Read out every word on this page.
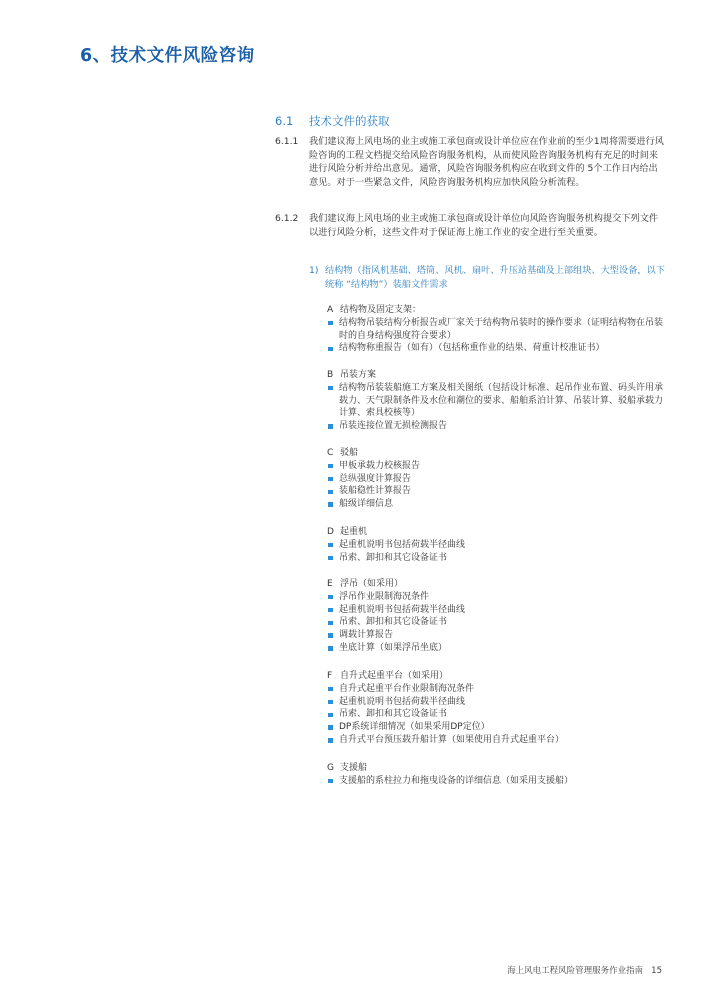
6、技术文件风险咨询
6.1 技术文件的获取
6.1.1	我们建议海上风电场的业主或施工承包商或设计单位应在作业前的至少1周将需要进行风险咨询的工程文档提交给风险咨询服务机构，从而使风险咨询服务机构有充足的时间来进行风险分析并给出意见。通常，风险咨询服务机构应在收到文件的 5个工作日内给出意见。对于一些紧急文件，风险咨询服务机构应加快风险分析流程。
6.1.2	我们建议海上风电场的业主或施工承包商或设计单位向风险咨询服务机构提交下列文件以进行风险分析，这些文件对于保证海上施工作业的安全进行至关重要。
1) 结构物（指风机基础、塔筒、风机、扇叶、升压站基础及上部组块、大型设备，以下统称 “结构物”）装船文件需求
A 结构物及固定支架：
结构物吊装结构分析报告或厂家关于结构物吊装时的操作要求（证明结构物在吊装时的自身结构强度符合要求）
结构物称重报告（如有）（包括称重作业的结果、荷重计校准证书）
B 吊装方案
结构物吊装装船施工方案及相关图纸（包括设计标准、起吊作业布置、码头许用承载力、天气限制条件及水位和潮位的要求、船舶系泊计算、吊装计算、驳船承载力计算、索具校核等）
吊装连接位置无损检测报告
C 驳船
甲板承载力校核报告
总纵强度计算报告
装船稳性计算报告
船级详细信息
D 起重机
起重机说明书包括荷载半径曲线
吊索、卸扣和其它设备证书
E 浮吊（如采用）
浮吊作业限制海况条件
起重机说明书包括荷载半径曲线
吊索、卸扣和其它设备证书
调载计算报告
坐底计算（如果浮吊坐底）
F 自升式起重平台（如采用）
自升式起重平台作业限制海况条件
起重机说明书包括荷载半径曲线
吊索、卸扣和其它设备证书
DP系统详细情况（如果采用DP定位）
自升式平台预压载升船计算（如果使用自升式起重平台）
G 支援船
支援船的系柱拉力和拖曳设备的详细信息（如采用支援船）
海上风电工程风险管理服务作业指南 15
